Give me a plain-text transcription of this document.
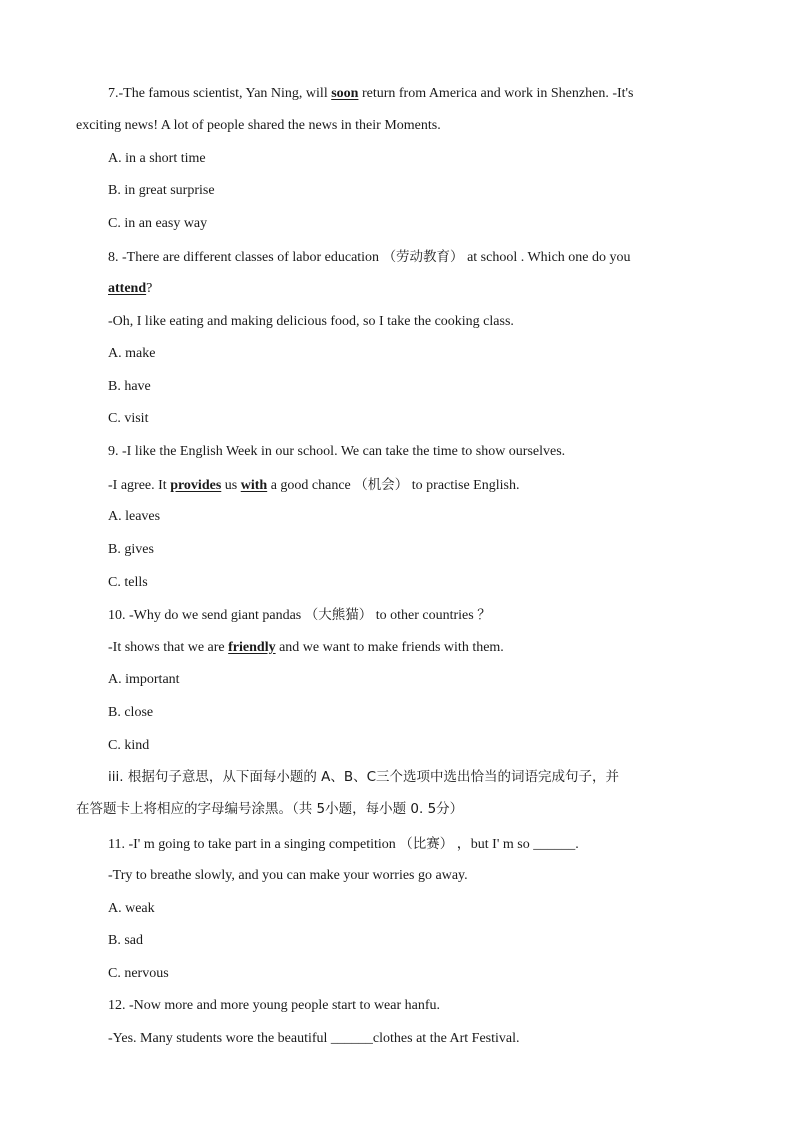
7.-The famous scientist, Yan Ning, will soon return from America and work in Shenzhen. -It's
exciting news! A lot of people shared the news in their Moments.
A. in a short time
B. in great surprise
C. in an easy way
8. -There are different classes of labor education （劳动教育） at school . Which one do you
attend?
-Oh, I like eating and making delicious food, so I take the cooking class.
A. make
B. have
C. visit
9. -I like the English Week in our school. We can take the time to show ourselves.
-I agree. It provides us with a good chance （机会） to practise English.
A. leaves
B. gives
C. tells
10. -Why do we send giant pandas （大熊猫） to other countries ？
-It shows that we are friendly and we want to make friends with them.
A. important
B. close
C. kind
iii. 根据句子意思，从下面每小题的 A、B、C三个选项中选出恰当的词语完成句子，并
在答题卡上将相应的字母编号涂黑。（共 5小题，每小题 0. 5分）
11. -I' m going to take part in a singing competition （比赛） ，but I' m so ______.
-Try to breathe slowly, and you can make your worries go away.
A. weak
B. sad
C. nervous
12. -Now more and more young people start to wear hanfu.
-Yes. Many students wore the beautiful ______clothes at the Art Festival.
